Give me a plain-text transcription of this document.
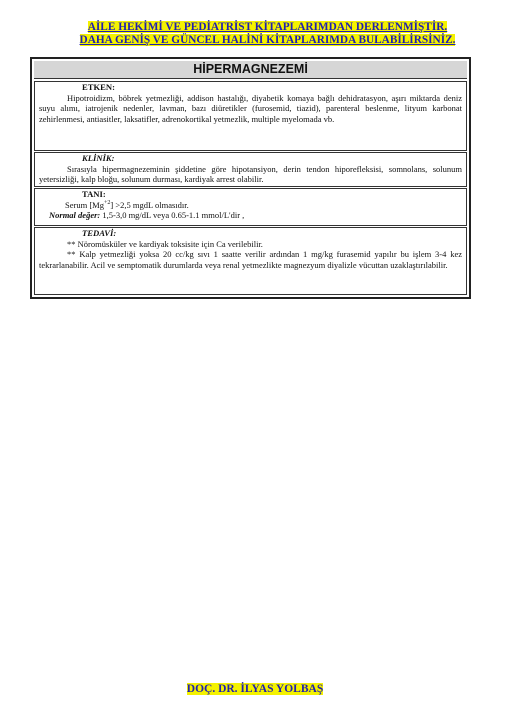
AİLE HEKİMİ VE PEDİATRİST KİTAPLARIMDAN DERLENMİŞTİR.
DAHA GENİŞ VE GÜNCEL HALİNİ KİTAPLARIMDA BULABİLİRSİNİZ.
HİPERMAGNEZEMİ
ETKEN:
Hipotroidizm, böbrek yetmezliği, addison hastalığı, diyabetik komaya bağlı dehidratasyon, aşırı miktarda deniz suyu alımı, iatrojenik nedenler, lavman, bazı diüretikler (furosemid, tiazid), parenteral beslenme, lityum karbonat zehirlenmesi, antiasitler, laksatifler, adrenokortikal yetmezlik, multiple myelomada vb.
KLİNİK:
Sırasıyla hipermagnezeminin şiddetine göre hipotansiyon, derin tendon hiporefleksisi, somnolans, solunum yetersizliği, kalp bloğu, solunum durması, kardiyak arrest olabilir.
TANI:
Serum $[Mg^{+2}] >2,5$ mgdL olmasıdır.
Normal değer: 1,5-3,0 mg/dL veya 0.65-1.1 mmol/L'dir ,
TEDAVİ:
** Nöromüsküler ve kardiyak toksisite için Ca verilebilir.
** Kalp yetmezliği yoksa 20 cc/kg sıvı 1 saatte verilir ardından 1 mg/kg furasemid yapılır bu işlem 3-4 kez tekrarlanabilir. Acil ve semptomatik durumlarda veya renal yetmezlikte magnezyum diyalizle vücuttan uzaklaştırılabilir.
DOÇ. DR. İLYAS YOLBAŞ
